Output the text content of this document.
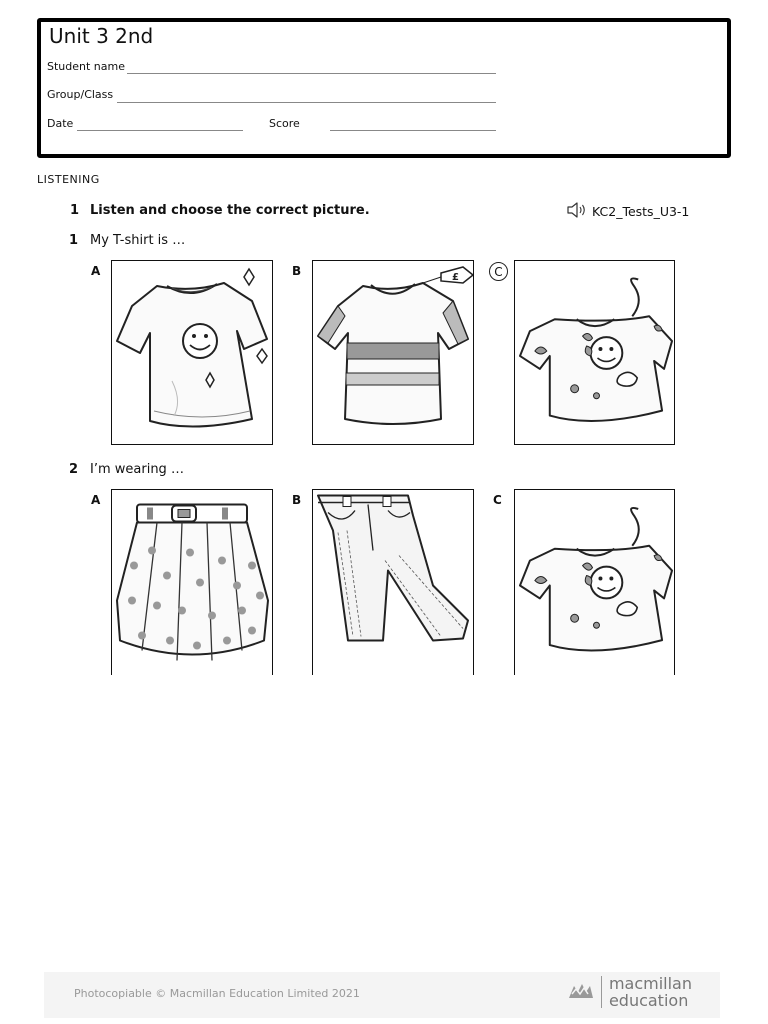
Unit 3 2nd
Student name
Group/Class
Date	Score
LISTENING
1 Listen and choose the correct picture.	KC2_Tests_U3-1
1 My T-shirt is …
A	B	£	C
2 I’m wearing …
A	B	C
Photocopiable © Macmillan Education Limited 2021
macmillan
education
